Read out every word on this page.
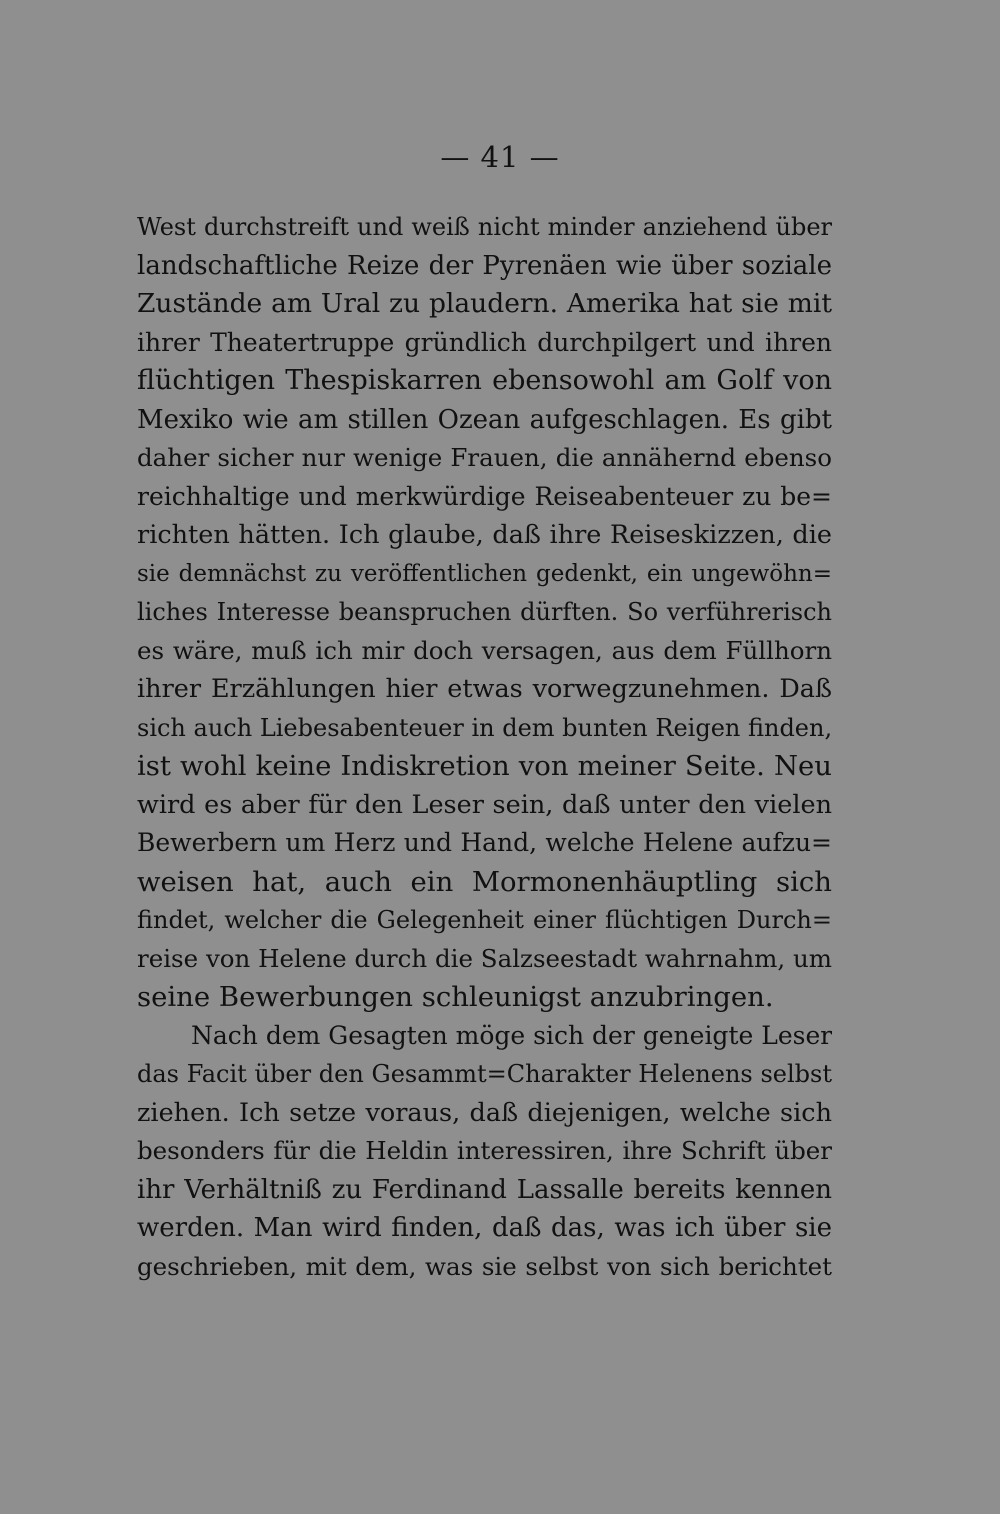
— 41 —
West durchstreift und weiß nicht minder anziehend über
landschaftliche Reize der Pyrenäen wie über soziale
Zustände am Ural zu plaudern. Amerika hat sie mit
ihrer Theatertruppe gründlich durchpilgert und ihren
flüchtigen Thespiskarren ebensowohl am Golf von
Mexiko wie am stillen Ozean aufgeschlagen. Es gibt
daher sicher nur wenige Frauen, die annähernd ebenso
reichhaltige und merkwürdige Reiseabenteuer zu be=
richten hätten. Ich glaube, daß ihre Reiseskizzen, die
sie demnächst zu veröffentlichen gedenkt, ein ungewöhn=
liches Interesse beanspruchen dürften. So verführerisch
es wäre, muß ich mir doch versagen, aus dem Füllhorn
ihrer Erzählungen hier etwas vorwegzunehmen. Daß
sich auch Liebesabenteuer in dem bunten Reigen finden,
ist wohl keine Indiskretion von meiner Seite. Neu
wird es aber für den Leser sein, daß unter den vielen
Bewerbern um Herz und Hand, welche Helene aufzu=
weisen hat, auch ein Mormonenhäuptling sich
findet, welcher die Gelegenheit einer flüchtigen Durch=
reise von Helene durch die Salzseestadt wahrnahm, um
seine Bewerbungen schleunigst anzubringen.
Nach dem Gesagten möge sich der geneigte Leser
das Facit über den Gesammt=Charakter Helenens selbst
ziehen. Ich setze voraus, daß diejenigen, welche sich
besonders für die Heldin interessiren, ihre Schrift über
ihr Verhältniß zu Ferdinand Lassalle bereits kennen
werden. Man wird finden, daß das, was ich über sie
geschrieben, mit dem, was sie selbst von sich berichtet
